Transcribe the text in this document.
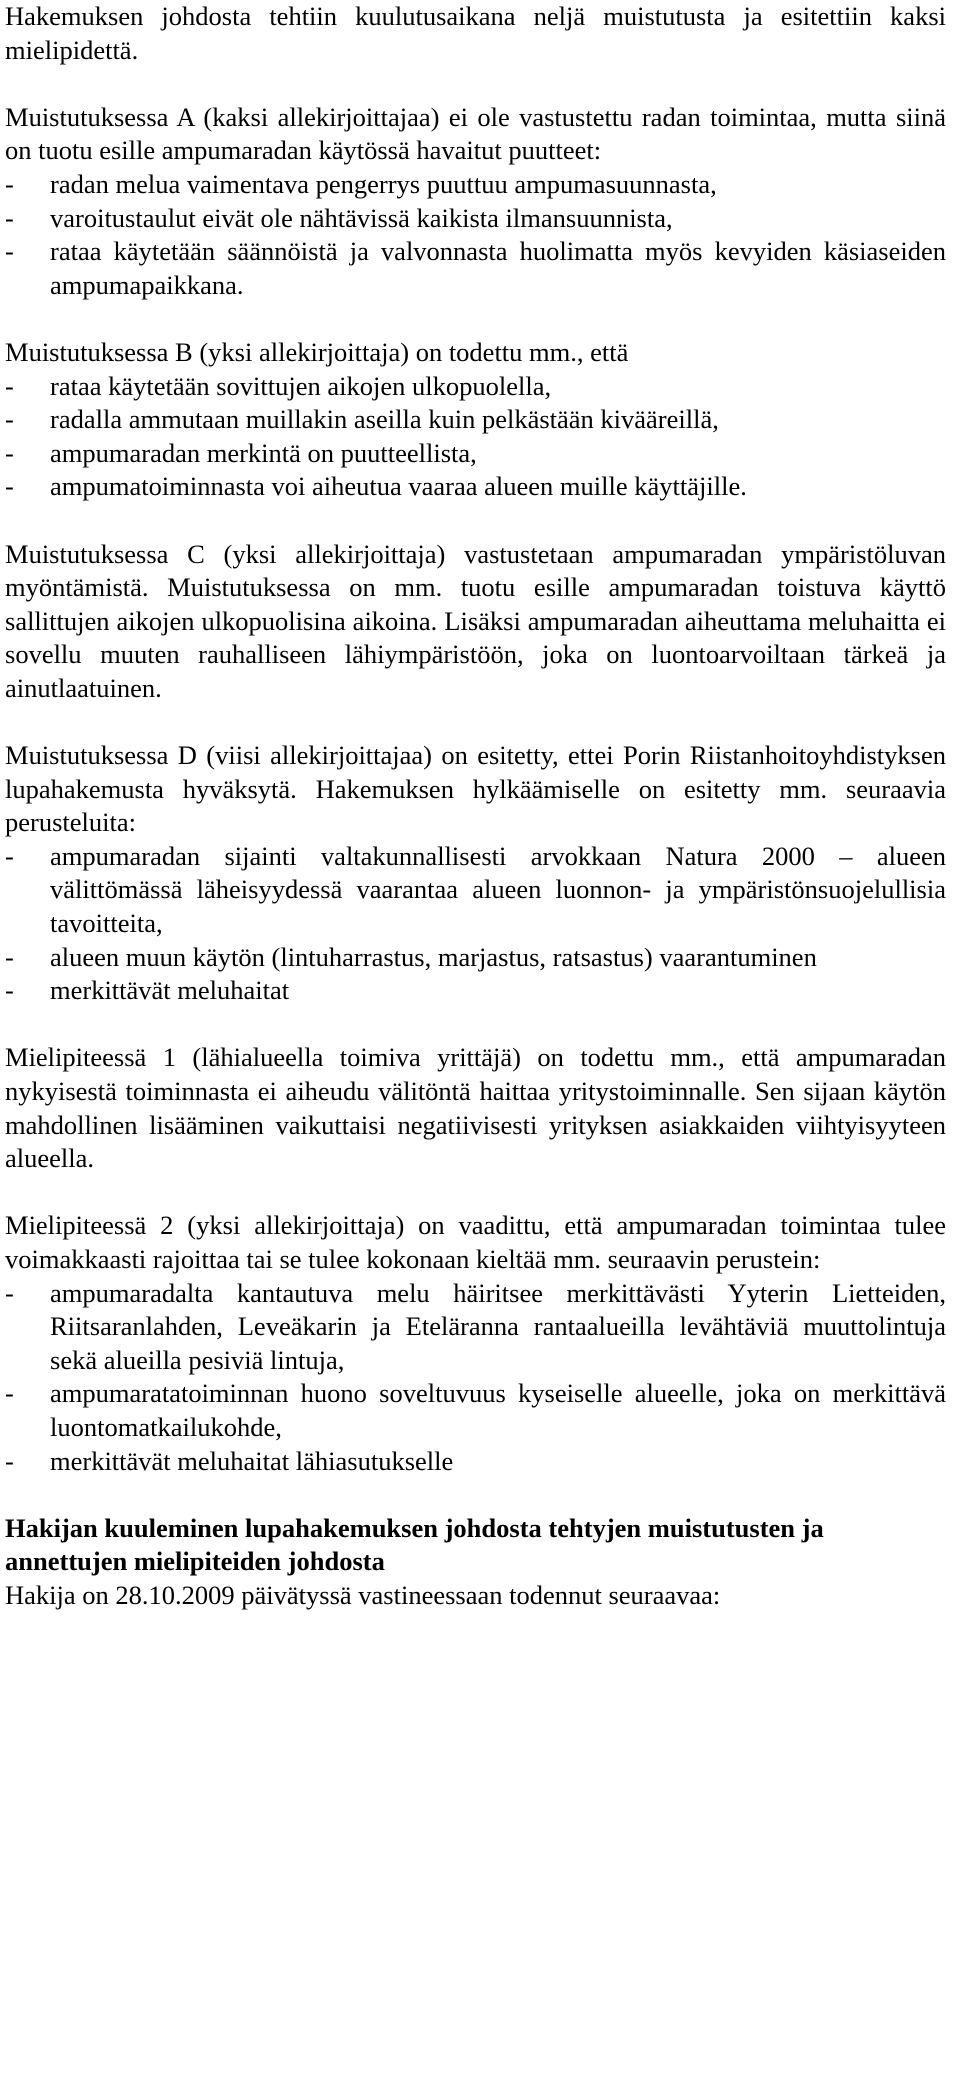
Hakemuksen johdosta tehtiin kuulutusaikana neljä muistutusta ja esitettiin kaksi mielipidettä.

Muistutuksessa A (kaksi allekirjoittajaa) ei ole vastustettu radan toimintaa, mutta siinä on tuotu esille ampumaradan käytössä havaitut puutteet:

- radan melua vaimentava pengerrys puuttuu ampumasuunnasta,
- varoitustaulut eivät ole nähtävissä kaikista ilmansuunnista,
- rataa käytetään säännöistä ja valvonnasta huolimatta myös kevyiden käsiaseiden ampumapaikkana.

Muistutuksessa B (yksi allekirjoittaja) on todettu mm., että

- rataa käytetään sovittujen aikojen ulkopuolella,
- radalla ammutaan muillakin aseilla kuin pelkästään kivääreillä,
- ampumaradan merkintä on puutteellista,
- ampumatoiminnasta voi aiheutua vaaraa alueen muille käyttäjille.

Muistutuksessa C (yksi allekirjoittaja) vastustetaan ampumaradan ympäristöluvan myöntämistä. Muistutuksessa on mm. tuotu esille ampumaradan toistuva käyttö sallittujen aikojen ulkopuolisina aikoina. Lisäksi ampumaradan aiheuttama meluhaitta ei sovellu muuten rauhalliseen lähiympäristöön, joka on luontoarvoiltaan tärkeä ja ainutlaatuinen.

Muistutuksessa D (viisi allekirjoittajaa) on esitetty, ettei Porin Riistanhoitoyhdistyksen lupahakemusta hyväksytä. Hakemuksen hylkäämiselle on esitetty mm. seuraavia perusteluita:

- ampumaradan sijainti valtakunnallisesti arvokkaan Natura 2000 – alueen välittömässä läheisyydessä vaarantaa alueen luonnon- ja ympäristönsuojelullisia tavoitteita,
- alueen muun käytön (lintuharrastus, marjastus, ratsastus) vaarantuminen
- merkittävät meluhaitat

Mielipiteessä 1 (lähialueella toimiva yrittäjä) on todettu mm., että ampumaradan nykyisestä toiminnasta ei aiheudu välitöntä haittaa yritystoiminnalle. Sen sijaan käytön mahdollinen lisääminen vaikuttaisi negatiivisesti yrityksen asiakkaiden viihtyisyyteen alueella.

Mielipiteessä 2 (yksi allekirjoittaja) on vaadittu, että ampumaradan toimintaa tulee voimakkaasti rajoittaa tai se tulee kokonaan kieltää mm. seuraavin perustein:

- ampumaradalta kantautuva melu häiritsee merkittävästi Yyterin Lietteiden, Riitsaranlahden, Leveäkarin ja Eteläranna rantaalueilla levähtäviä muuttolintuja sekä alueilla pesiviä lintuja,
- ampumaratatoiminnan huono soveltuvuus kyseiselle alueelle, joka on merkittävä luontomatkailukohde,
- merkittävät meluhaitat lähiasutukselle

Hakijan kuuleminen lupahakemuksen johdosta tehtyjen muistutusten ja annettujen mielipiteiden johdosta

Hakija on 28.10.2009 päivätyssä vastineessaan todennut seuraavaa:
